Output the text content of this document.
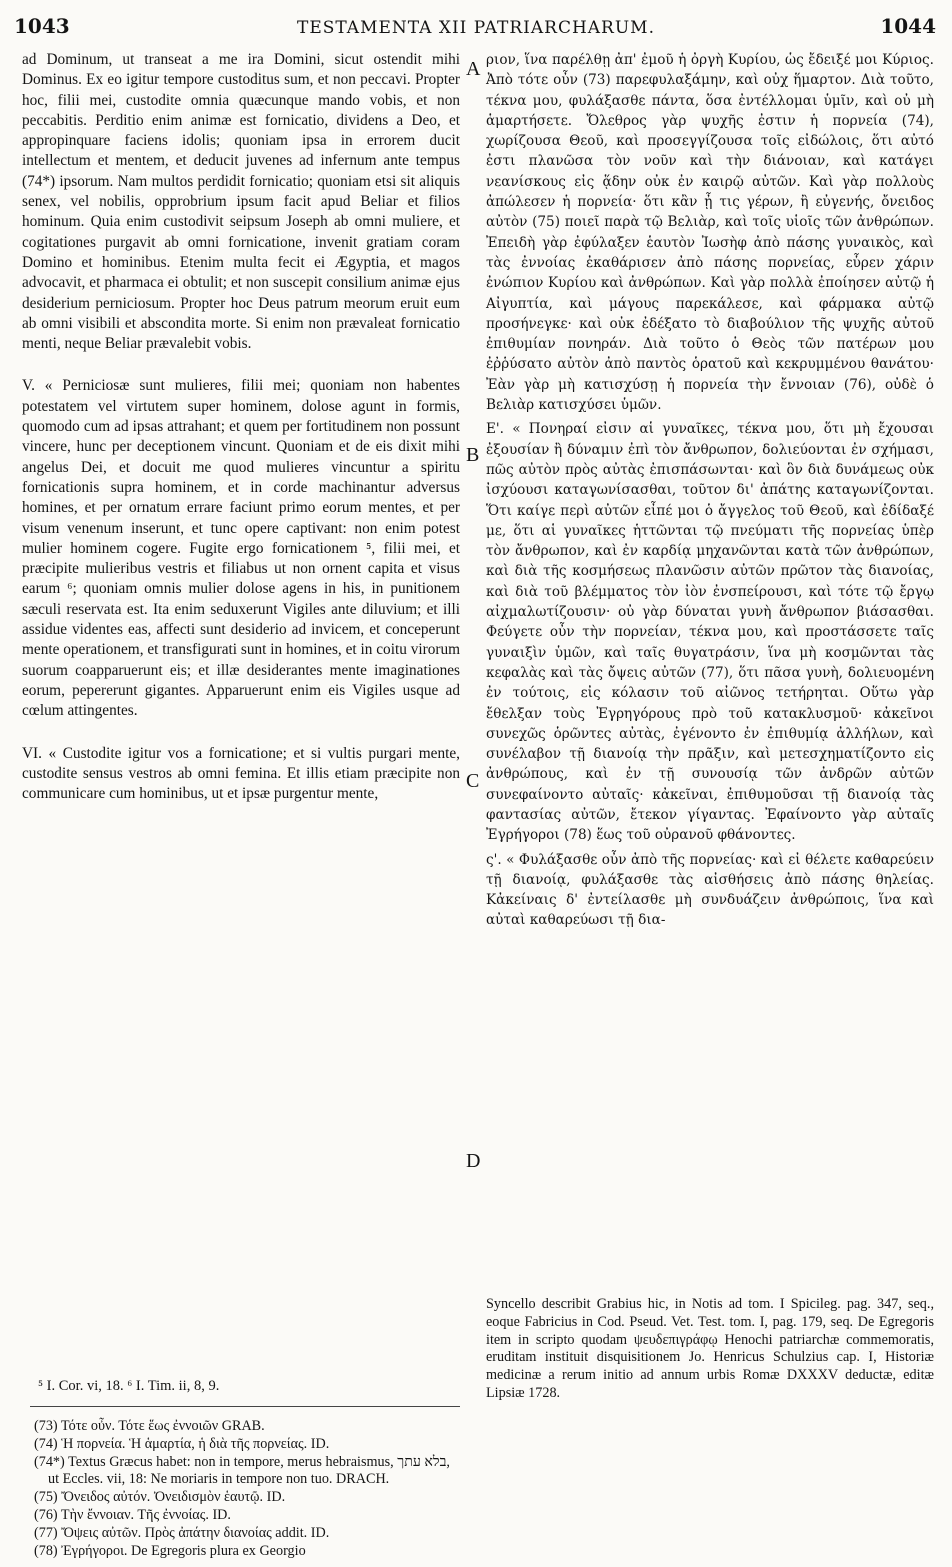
1043	TESTAMENTA XII PATRIARCHARUM.	1044

ad Dominum, ut transeat a me ira Domini, sicut ostendit mihi Dominus. Ex eo igitur tempore custoditus sum, et non peccavi. Propter hoc, filii mei, custodite omnia quæcunque mando vobis, et non peccabitis. Perditio enim animæ est fornicatio, dividens a Deo, et appropinquare faciens idolis; quoniam ipsa in errorem ducit intellectum et mentem, et deducit juvenes ad infernum ante tempus (74*) ipsorum. Nam multos perdidit fornicatio; quoniam etsi sit aliquis senex, vel nobilis, opprobrium ipsum facit apud Beliar et filios hominum. Quia enim custodivit seipsum Joseph ab omni muliere, et cogitationes purgavit ab omni fornicatione, invenit gratiam coram Domino et hominibus. Etenim multa fecit ei Ægyptia, et magos advocavit, et pharmaca ei obtulit; et non suscepit consilium animæ ejus desiderium perniciosum. Propter hoc Deus patrum meorum eruit eum ab omni visibili et abscondita morte. Si enim non prævaleat fornicatio menti, neque Beliar prævalebit vobis.

V. « Perniciosæ sunt mulieres, filii mei; quoniam non habentes potestatem vel virtutem super hominem, dolose agunt in formis, quomodo cum ad ipsas attrahant; et quem per fortitudinem non possunt vincere, hunc per deceptionem vincunt. Quoniam et de eis dixit mihi angelus Dei, et docuit me quod mulieres vincuntur a spiritu fornicationis supra hominem, et in corde machinantur adversus homines, et per ornatum errare faciunt primo eorum mentes, et per visum venenum inserunt, et tunc opere captivant: non enim potest mulier hominem cogere. Fugite ergo fornicationem ⁵, filii mei, et præcipite mulieribus vestris et filiabus ut non ornent capita et visus earum ⁶; quoniam omnis mulier dolose agens in his, in punitionem sæculi reservata est. Ita enim seduxerunt Vigiles ante diluvium; et illi assidue videntes eas, affecti sunt desiderio ad invicem, et conceperunt mente operationem, et transfigurati sunt in homines, et in coitu virorum suorum coapparuerunt eis; et illæ desiderantes mente imaginationes eorum, pepererunt gigantes. Apparuerunt enim eis Vigiles usque ad cœlum attingentes.

VI. « Custodite igitur vos a fornicatione; et si vultis purgari mente, custodite sensus vestros ab omni femina. Et illis etiam præcipite non communicare cum hominibus, ut et ipsæ purgentur mente,

ριον, ἵνα παρέλθῃ ἀπ' ἐμοῦ ἡ ὀργὴ Κυρίου, ὡς ἔδειξέ μοι Κύριος. Ἀπὸ τότε οὖν (73) παρεφυλαξάμην, καὶ οὐχ ἥμαρτον. Διὰ τοῦτο, τέκνα μου, φυλάξασθε πάντα, ὅσα ἐντέλλομαι ὑμῖν, καὶ οὐ μὴ ἁμαρτήσετε. Ὄλεθρος γὰρ ψυχῆς ἐστιν ἡ πορνεία (74), χωρίζουσα Θεοῦ, καὶ προσεγγίζουσα τοῖς εἰδώλοις, ὅτι αὐτό ἐστι πλανῶσα τὸν νοῦν καὶ τὴν διάνοιαν, καὶ κατάγει νεανίσκους εἰς ᾅδην οὐκ ἐν καιρῷ αὐτῶν. Καὶ γὰρ πολλοὺς ἀπώλεσεν ἡ πορνεία· ὅτι κἂν ᾖ τις γέρων, ἢ εὐγενής, ὄνειδος αὐτὸν (75) ποιεῖ παρὰ τῷ Βελιὰρ, καὶ τοῖς υἱοῖς τῶν ἀνθρώπων. Ἐπειδὴ γὰρ ἐφύλαξεν ἑαυτὸν Ἰωσὴφ ἀπὸ πάσης γυναικὸς, καὶ τὰς ἐννοίας ἐκαθάρισεν ἀπὸ πάσης πορνείας, εὗρεν χάριν ἐνώπιον Κυρίου καὶ ἀνθρώπων. Καὶ γὰρ πολλὰ ἐποίησεν αὐτῷ ἡ Αἰγυπτία, καὶ μάγους παρεκάλεσε, καὶ φάρμακα αὐτῷ προσήνεγκε· καὶ οὐκ ἐδέξατο τὸ διαβούλιον τῆς ψυχῆς αὐτοῦ ἐπιθυμίαν πονηράν. Διὰ τοῦτο ὁ Θεὸς τῶν πατέρων μου ἐῤῥύσατο αὐτὸν ἀπὸ παντὸς ὁρατοῦ καὶ κεκρυμμένου θανάτου· Ἐὰν γὰρ μὴ κατισχύσῃ ἡ πορνεία τὴν ἔννοιαν (76), οὐδὲ ὁ Βελιὰρ κατισχύσει ὑμῶν.

Ε'. « Πονηραί εἰσιν αἱ γυναῖκες, τέκνα μου, ὅτι μὴ ἔχουσαι ἐξουσίαν ἢ δύναμιν ἐπὶ τὸν ἄνθρωπον, δολιεύονται ἐν σχήμασι, πῶς αὐτὸν πρὸς αὐτὰς ἐπισπάσωνται· καὶ ὃν διὰ δυνάμεως οὐκ ἰσχύουσι καταγωνίσασθαι, τοῦτον δι' ἀπάτης καταγωνίζονται. Ὅτι καίγε περὶ αὐτῶν εἶπέ μοι ὁ ἄγγελος τοῦ Θεοῦ, καὶ ἐδίδαξέ με, ὅτι αἱ γυναῖκες ἡττῶνται τῷ πνεύματι τῆς πορνείας ὑπὲρ τὸν ἄνθρωπον, καὶ ἐν καρδίᾳ μηχανῶνται κατὰ τῶν ἀνθρώπων, καὶ διὰ τῆς κοσμήσεως πλανῶσιν αὐτῶν πρῶτον τὰς διανοίας, καὶ διὰ τοῦ βλέμματος τὸν ἰὸν ἐνσπείρουσι, καὶ τότε τῷ ἔργῳ αἰχμαλωτίζουσιν· οὐ γὰρ δύναται γυνὴ ἄνθρωπον βιάσασθαι. Φεύγετε οὖν τὴν πορνείαν, τέκνα μου, καὶ προστάσσετε ταῖς γυναιξὶν ὑμῶν, καὶ ταῖς θυγατράσιν, ἵνα μὴ κοσμῶνται τὰς κεφαλὰς καὶ τὰς ὄψεις αὐτῶν (77), ὅτι πᾶσα γυνὴ, δολιευομένη ἐν τούτοις, εἰς κόλασιν τοῦ αἰῶνος τετήρηται. Οὕτω γὰρ ἔθελξαν τοὺς Ἐγρηγόρους πρὸ τοῦ κατακλυσμοῦ· κἀκεῖνοι συνεχῶς ὁρῶντες αὐτὰς, ἐγένοντο ἐν ἐπιθυμίᾳ ἀλλήλων, καὶ συνέλαβον τῇ διανοίᾳ τὴν πρᾶξιν, καὶ μετεσχηματίζοντο εἰς ἀνθρώπους, καὶ ἐν τῇ συνουσίᾳ τῶν ἀνδρῶν αὐτῶν συνεφαίνοντο αὐταῖς· κἀκεῖναι, ἐπιθυμοῦσαι τῇ διανοίᾳ τὰς φαντασίας αὐτῶν, ἔτεκον γίγαντας. Ἐφαίνοντο γὰρ αὐταῖς Ἐγρήγοροι (78) ἕως τοῦ οὐρανοῦ φθάνοντες.

ς'. « Φυλάξασθε οὖν ἀπὸ τῆς πορνείας· καὶ εἰ θέλετε καθαρεύειν τῇ διανοίᾳ, φυλάξασθε τὰς αἰσθήσεις ἀπὸ πάσης θηλείας. Κἀκείναις δ' ἐντείλασθε μὴ συνδυάζειν ἀνθρώποις, ἵνα καὶ αὐταὶ καθαρεύωσι τῇ δια-

A
B
C
D
⁵ I. Cor. vi, 18. ⁶ I. Tim. ii, 8, 9.
(73) Τότε οὖν. Τότε ἕως ἐννοιῶν GRAB.
(74) Ἡ πορνεία. Ἡ ἁμαρτία, ἡ διὰ τῆς πορνείας. ID.
(74*) Textus Græcus habet: non in tempore, merus hebraismus, בלא עתך, ut Eccles. vii, 18: Ne moriaris in tempore non tuo. DRACH.
(75) Ὄνειδος αὐτόν. Ὀνειδισμὸν ἑαυτῷ. ID.
(76) Τὴν ἔννοιαν. Τῆς ἐννοίας. ID.
(77) Ὄψεις αὐτῶν. Πρὸς ἀπάτην διανοίας addit. ID.
(78) Ἐγρήγοροι. De Egregoris plura ex Georgio
Syncello describit Grabius hic, in Notis ad tom. I Spicileg. pag. 347, seq., eoque Fabricius in Cod. Pseud. Vet. Test. tom. I, pag. 179, seq. De Egregoris item in scripto quodam ψευδεπιγράφῳ Henochi patriarchæ commemoratis, eruditam instituit disquisitionem Jo. Henricus Schulzius cap. I, Historiæ medicinæ a rerum initio ad annum urbis Romæ DXXXV deductæ, editæ Lipsiæ 1728.
